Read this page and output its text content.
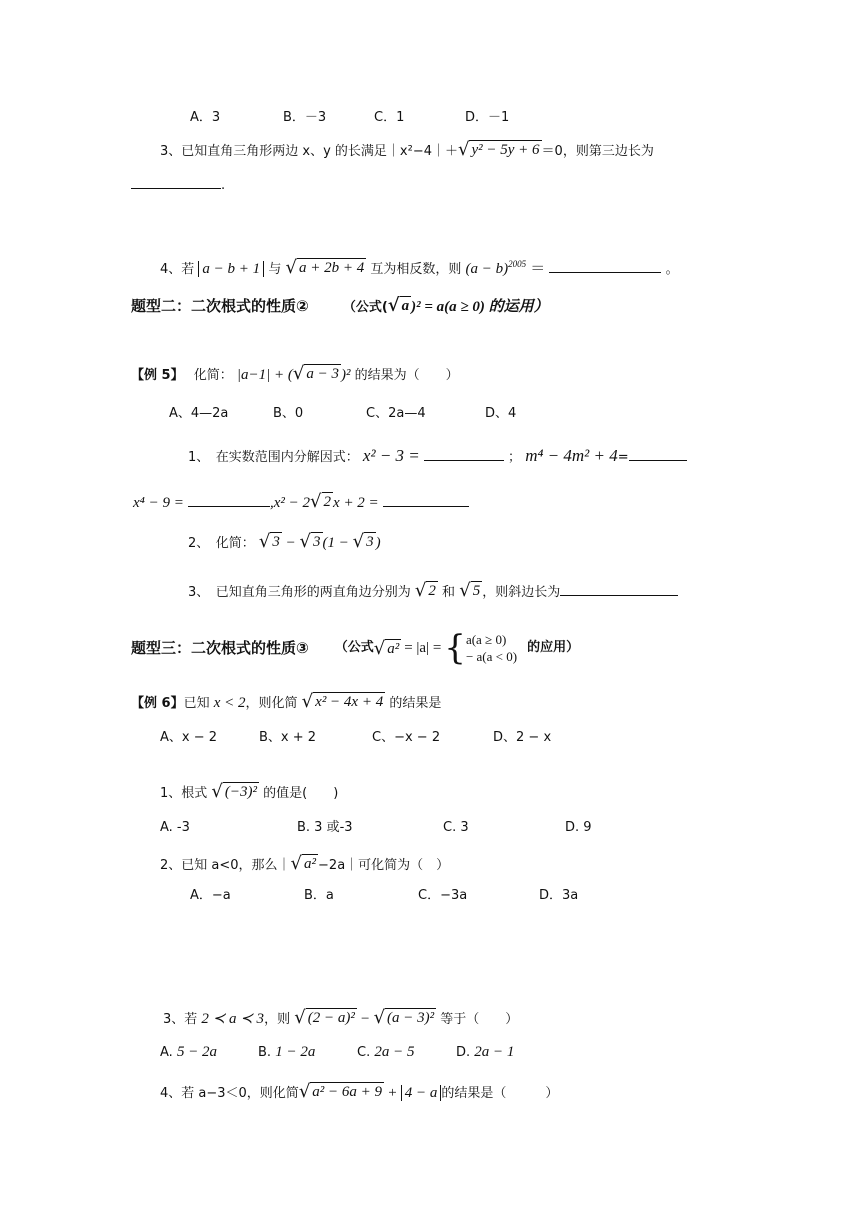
A．3	B．－3	C．1	D．－1
3、已知直角三角形两边 x、y 的长满足｜x²−4｜＋ √ y² − 5y + 6 ＝0，则第三边长为
.
4、若 a − b + 1 与 √ a + 2b + 4 互为相反数，则 $(a - b)^{2005}$ ＝	。
题型二：二次根式的性质②	（公式( √ a )² = a(a ≥ 0) 的运用）
【例 5】 化简： |a−1| + ( √ a − 3 )² 的结果为（　　）
A、4—2a	B、0	C、2a—4	D、4
1、　在实数范围内分解因式： x² − 3 =	； m⁴ − 4m² + 4=
x⁴ − 9 =	,x² − 2 √ 2 x + 2 =
2、　化简： √ 3 − √ 3 (1 − √ 3 )
3、　已知直角三角形的两直角边分别为 √ 2 和 √ 5 ，则斜边长为
题型三：二次根式的性质③ （公式 √ a² = |a| = { a(a ≥ 0)
− a(a < 0)
的应用）
【例 6】已知 x < 2，则化简 √ x² − 4x + 4 的结果是
A、x − 2	B、x + 2	C、−x − 2	D、2 − x
1、根式 √ (−3)² 的值是(　　)
A. -3	B. 3 或-3	C. 3	D. 9
2、已知 a<0，那么｜ √ a² −2a｜可化简为（　）
A．−a	B．a	C．−3a	D．3a
3、若 2 ≺ a ≺ 3，则 √ (2 − a)² − √ (a − 3)² 等于（　　）
A. 5 − 2a	B. 1 − 2a	C. 2a − 5	D. 2a − 1
4、若 a−3＜0，则化简 √ a² − 6a + 9 + 4 − a 的结果是（　　　）
